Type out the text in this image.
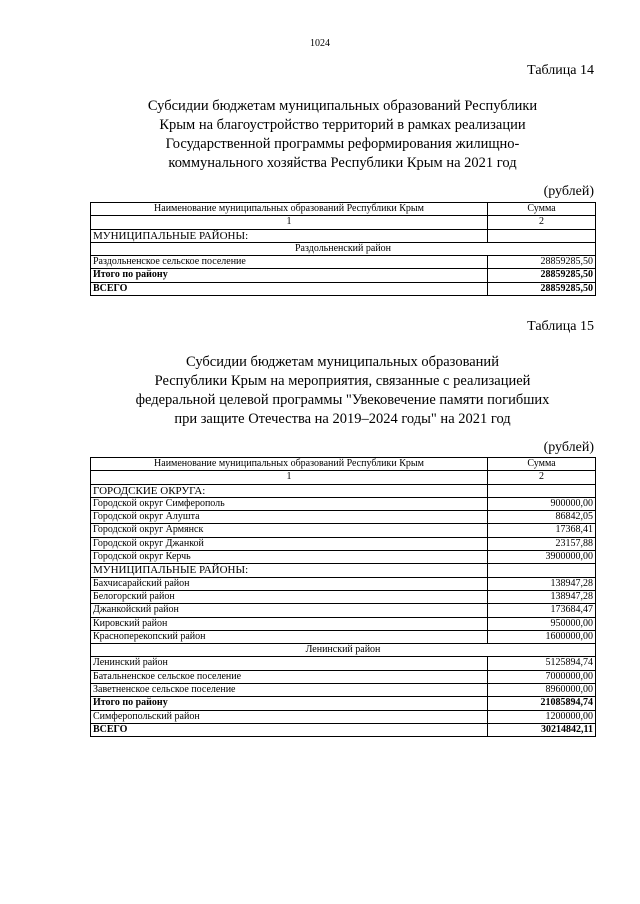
1024
Таблица 14
Субсидии бюджетам муниципальных образований Республики
Крым на благоустройство территорий в рамках реализации
Государственной программы реформирования жилищно-
коммунального хозяйства Республики Крым на 2021 год
(рублей)
Наименование муниципальных образований Республики Крым	Сумма
1	2
МУНИЦИПАЛЬНЫЕ РАЙОНЫ:	
Раздольненский район	
Раздольненское сельское поселение	28859285,50
Итого по району	28859285,50
ВСЕГО	28859285,50
Таблица 15
Субсидии бюджетам муниципальных образований
Республики Крым на мероприятия, связанные с реализацией
федеральной целевой программы "Увековечение памяти погибших
при защите Отечества на 2019–2024 годы" на 2021 год
(рублей)
Наименование муниципальных образований Республики Крым	Сумма
1	2
ГОРОДСКИЕ ОКРУГА:	
Городской округ Симферополь	900000,00
Городской округ Алушта	86842,05
Городской округ Армянск	17368,41
Городской округ Джанкой	23157,88
Городской округ Керчь	3900000,00
МУНИЦИПАЛЬНЫЕ РАЙОНЫ:	
Бахчисарайский район	138947,28
Белогорский район	138947,28
Джанкойский район	173684,47
Кировский район	950000,00
Красноперекопский район	1600000,00
Ленинский район	
Ленинский район	5125894,74
Батальненское сельское поселение	7000000,00
Заветненское сельское поселение	8960000,00
Итого по району	21085894,74
Симферопольский район	1200000,00
ВСЕГО	30214842,11
